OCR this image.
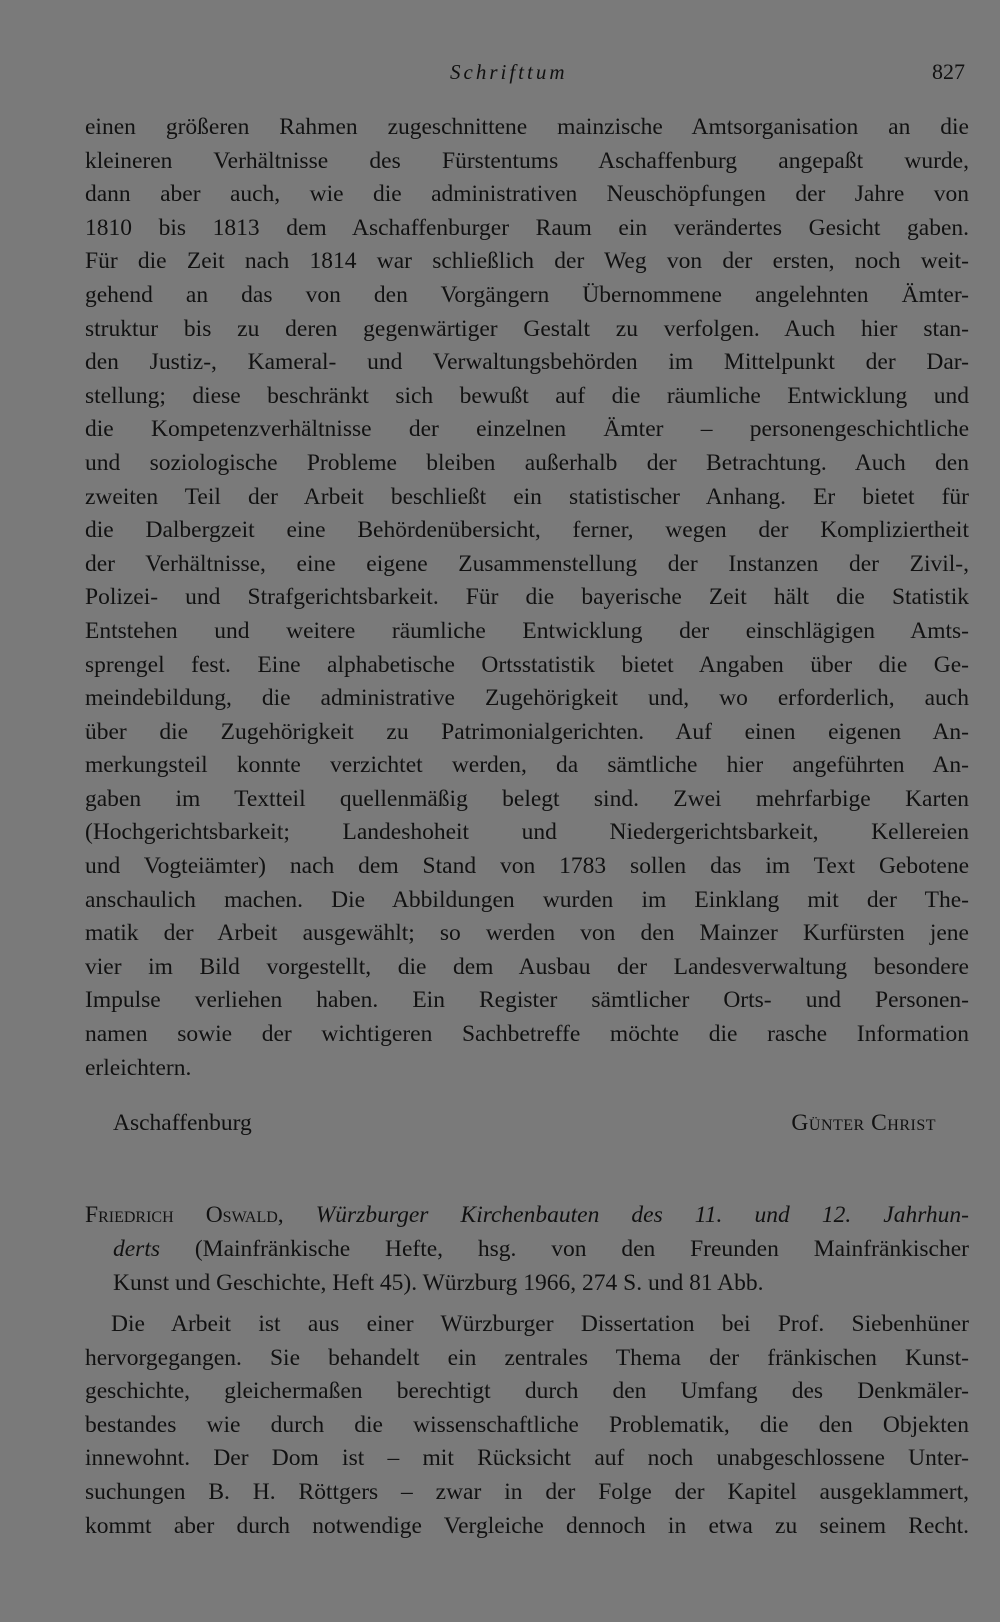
Schrifttum	827
einen größeren Rahmen zugeschnittene mainzische Amtsorganisation an die
kleineren Verhältnisse des Fürstentums Aschaffenburg angepaßt wurde,
dann aber auch, wie die administrativen Neuschöpfungen der Jahre von
1810 bis 1813 dem Aschaffenburger Raum ein verändertes Gesicht gaben.
Für die Zeit nach 1814 war schließlich der Weg von der ersten, noch weit-
gehend an das von den Vorgängern Übernommene angelehnten Ämter-
struktur bis zu deren gegenwärtiger Gestalt zu verfolgen. Auch hier stan-
den Justiz-, Kameral- und Verwaltungsbehörden im Mittelpunkt der Dar-
stellung; diese beschränkt sich bewußt auf die räumliche Entwicklung und
die Kompetenzverhältnisse der einzelnen Ämter – personengeschichtliche
und soziologische Probleme bleiben außerhalb der Betrachtung. Auch den
zweiten Teil der Arbeit beschließt ein statistischer Anhang. Er bietet für
die Dalbergzeit eine Behördenübersicht, ferner, wegen der Kompliziertheit
der Verhältnisse, eine eigene Zusammenstellung der Instanzen der Zivil-,
Polizei- und Strafgerichtsbarkeit. Für die bayerische Zeit hält die Statistik
Entstehen und weitere räumliche Entwicklung der einschlägigen Amts-
sprengel fest. Eine alphabetische Ortsstatistik bietet Angaben über die Ge-
meindebildung, die administrative Zugehörigkeit und, wo erforderlich, auch
über die Zugehörigkeit zu Patrimonialgerichten. Auf einen eigenen An-
merkungsteil konnte verzichtet werden, da sämtliche hier angeführten An-
gaben im Textteil quellenmäßig belegt sind. Zwei mehrfarbige Karten
(Hochgerichtsbarkeit; Landeshoheit und Niedergerichtsbarkeit, Kellereien
und Vogteiämter) nach dem Stand von 1783 sollen das im Text Gebotene
anschaulich machen. Die Abbildungen wurden im Einklang mit der The-
matik der Arbeit ausgewählt; so werden von den Mainzer Kurfürsten jene
vier im Bild vorgestellt, die dem Ausbau der Landesverwaltung besondere
Impulse verliehen haben. Ein Register sämtlicher Orts- und Personen-
namen sowie der wichtigeren Sachbetreffe möchte die rasche Information
erleichtern.
Aschaffenburg	Günter Christ
Friedrich Oswald, Würzburger Kirchenbauten des 11. und 12. Jahrhun-
derts (Mainfränkische Hefte, hsg. von den Freunden Mainfränkischer
Kunst und Geschichte, Heft 45). Würzburg 1966, 274 S. und 81 Abb.
Die Arbeit ist aus einer Würzburger Dissertation bei Prof. Siebenhüner
hervorgegangen. Sie behandelt ein zentrales Thema der fränkischen Kunst-
geschichte, gleichermaßen berechtigt durch den Umfang des Denkmäler-
bestandes wie durch die wissenschaftliche Problematik, die den Objekten
innewohnt. Der Dom ist – mit Rücksicht auf noch unabgeschlossene Unter-
suchungen B. H. Röttgers – zwar in der Folge der Kapitel ausgeklammert,
kommt aber durch notwendige Vergleiche dennoch in etwa zu seinem Recht.
